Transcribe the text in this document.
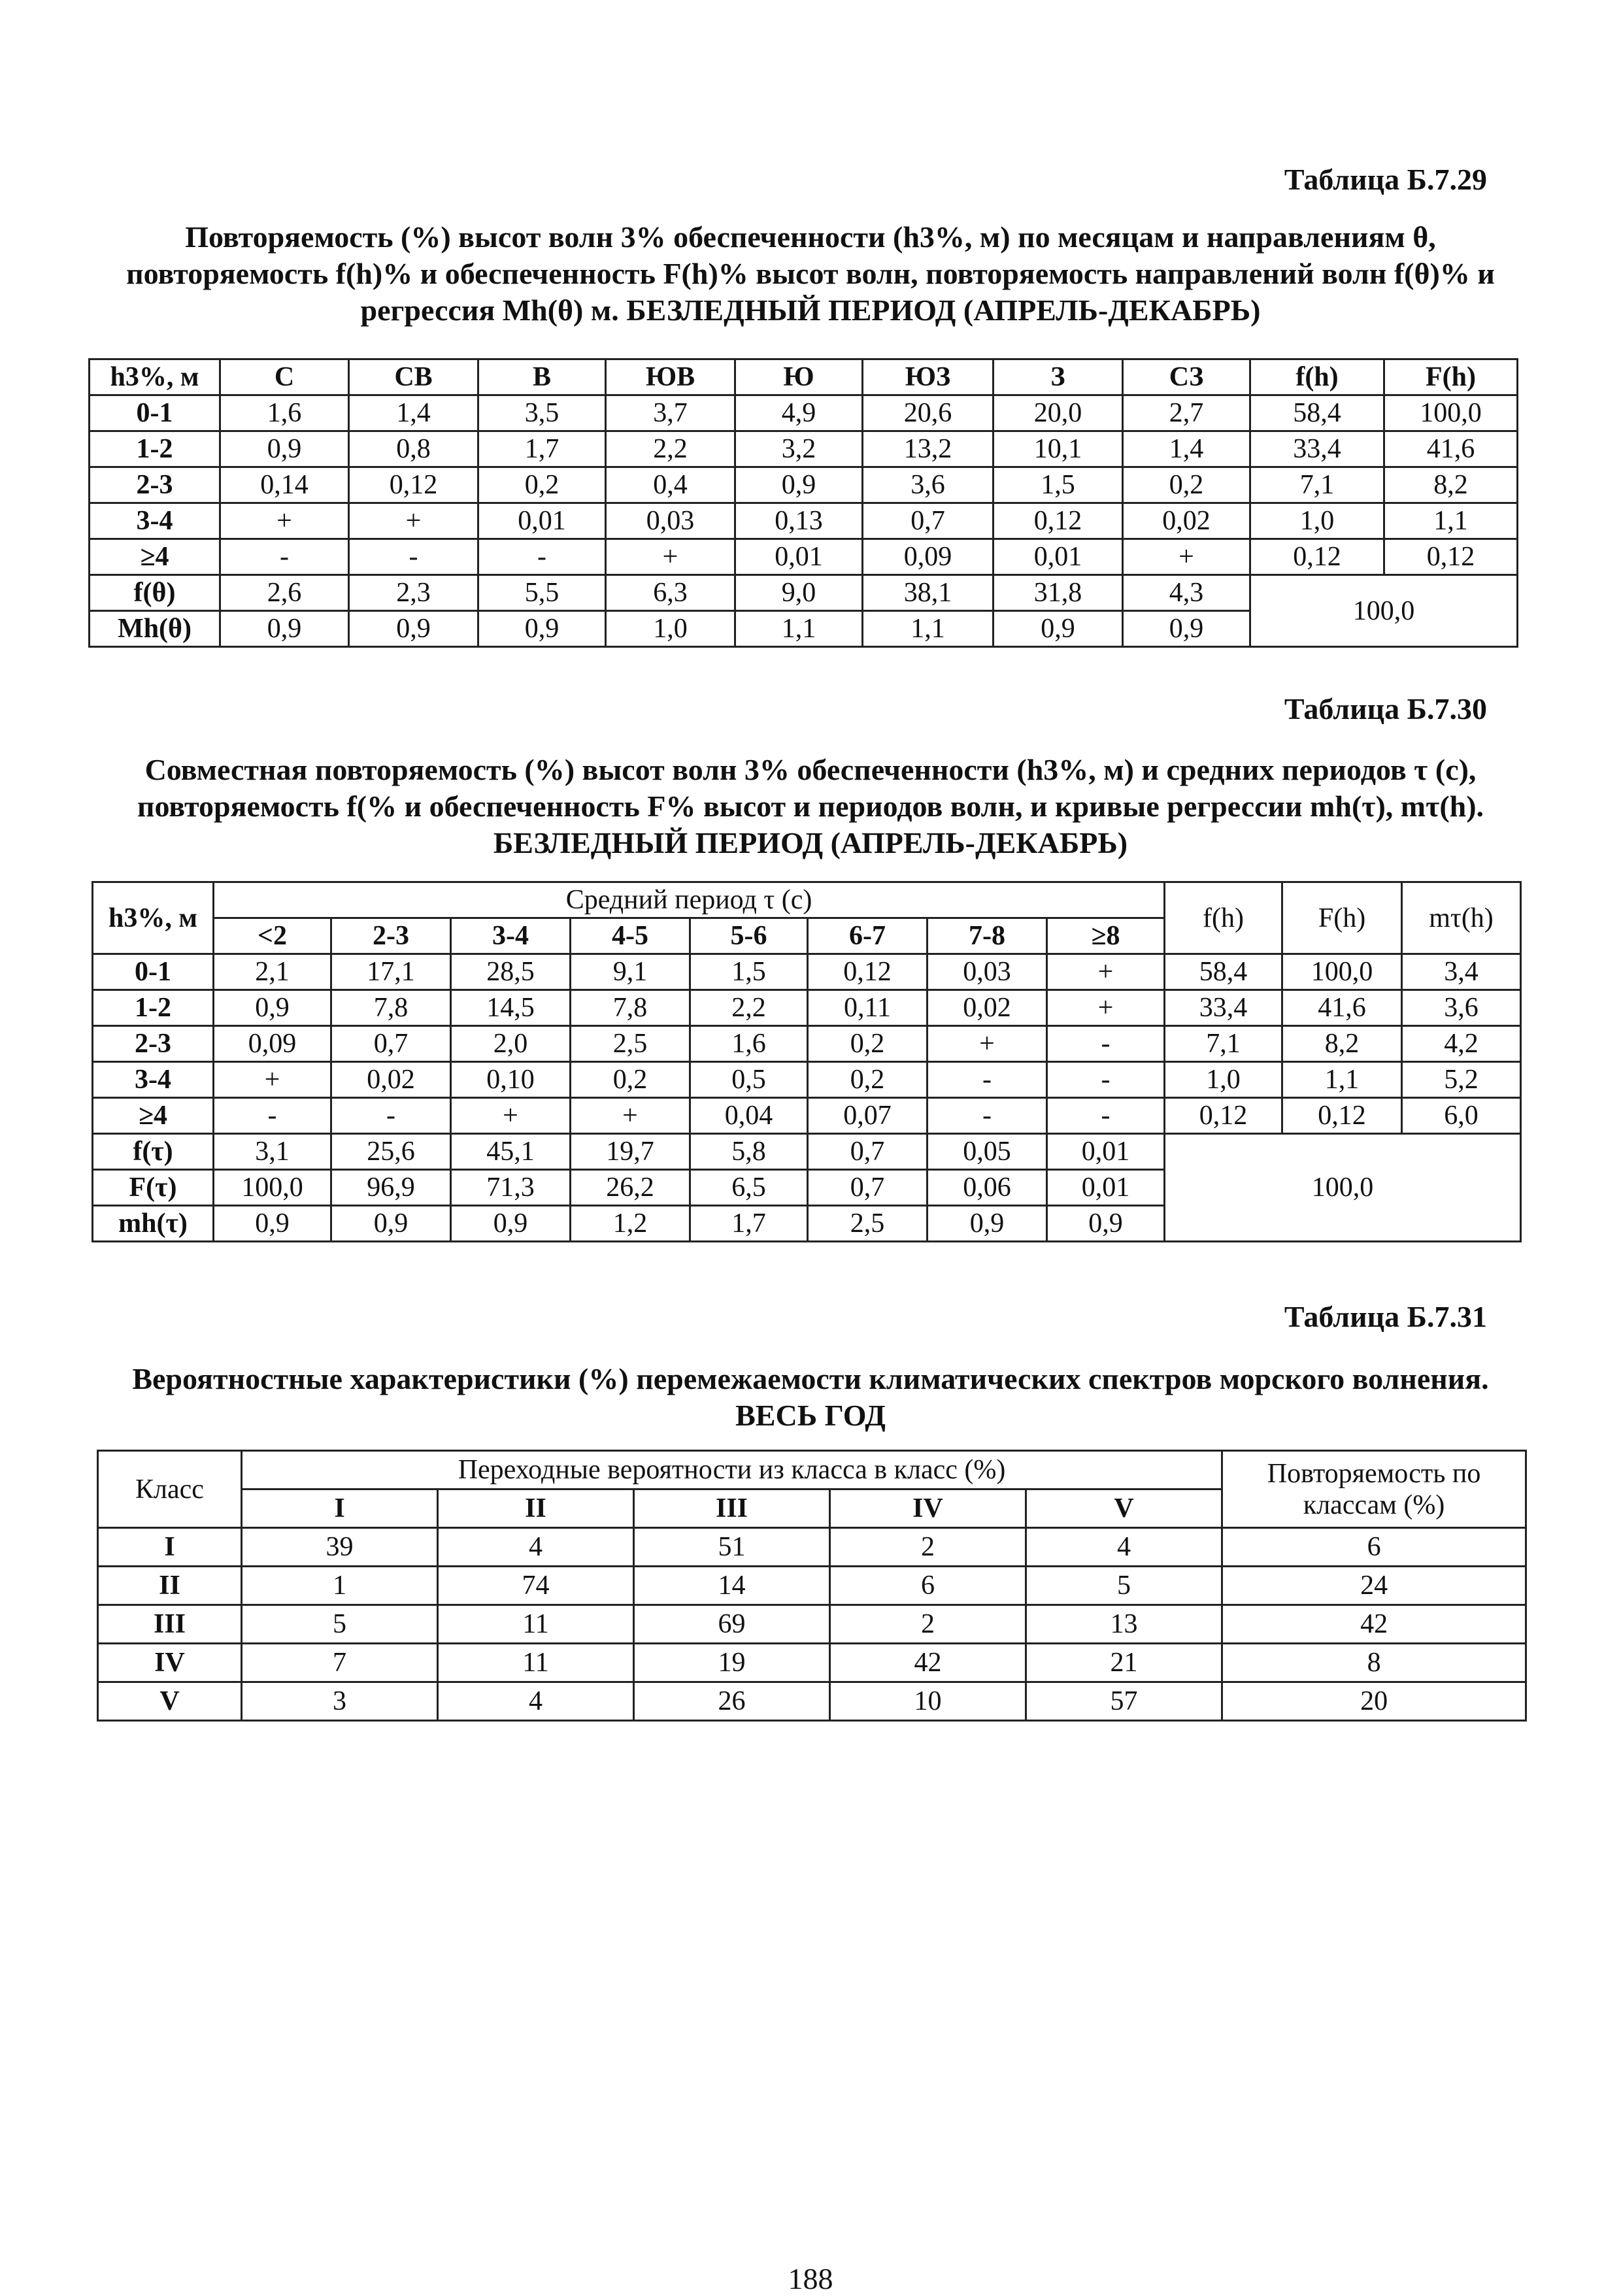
Таблица Б.7.29
Повторяемость (%) высот волн 3% обеспеченности (h3%, м) по месяцам и направлениям θ, повторяемость f(h)% и обеспеченность F(h)% высот волн, повторяемость направлений волн f(θ)% и регрессия Mh(θ) м. БЕЗЛЕДНЫЙ ПЕРИОД (АПРЕЛЬ-ДЕКАБРЬ)
h3%, м	С	СВ	В	ЮВ	Ю	ЮЗ	З	СЗ	f(h)	F(h)
0-1	1,6	1,4	3,5	3,7	4,9	20,6	20,0	2,7	58,4	100,0
1-2	0,9	0,8	1,7	2,2	3,2	13,2	10,1	1,4	33,4	41,6
2-3	0,14	0,12	0,2	0,4	0,9	3,6	1,5	0,2	7,1	8,2
3-4	+	+	0,01	0,03	0,13	0,7	0,12	0,02	1,0	1,1
≥4	-	-	-	+	0,01	0,09	0,01	+	0,12	0,12
f(θ)	2,6	2,3	5,5	6,3	9,0	38,1	31,8	4,3	100,0	
Mh(θ)	0,9	0,9	0,9	1,0	1,1	1,1	0,9	0,9		
Таблица Б.7.30
Совместная повторяемость (%) высот волн 3% обеспеченности (h3%, м) и средних периодов τ (с), повторяемость f(% и обеспеченность F% высот и периодов волн, и кривые регрессии mh(τ), mτ(h). БЕЗЛЕДНЫЙ ПЕРИОД (АПРЕЛЬ-ДЕКАБРЬ)
h3%, м	Средний период τ (с)								f(h)	F(h)	mτ(h)
	<2	2-3	3-4	4-5	5-6	6-7	7-8	≥8			
0-1	2,1	17,1	28,5	9,1	1,5	0,12	0,03	+	58,4	100,0	3,4
1-2	0,9	7,8	14,5	7,8	2,2	0,11	0,02	+	33,4	41,6	3,6
2-3	0,09	0,7	2,0	2,5	1,6	0,2	+	-	7,1	8,2	4,2
3-4	+	0,02	0,10	0,2	0,5	0,2	-	-	1,0	1,1	5,2
≥4	-	-	+	+	0,04	0,07	-	-	0,12	0,12	6,0
f(τ)	3,1	25,6	45,1	19,7	5,8	0,7	0,05	0,01	100,0		
F(τ)	100,0	96,9	71,3	26,2	6,5	0,7	0,06	0,01			
mh(τ)	0,9	0,9	0,9	1,2	1,7	2,5	0,9	0,9			
Таблица Б.7.31
Вероятностные характеристики (%) перемежаемости климатических спектров морского волнения. ВЕСЬ ГОД
Класс	Переходные вероятности из класса в класс (%)					Повторяемость по классам (%)
	I	II	III	IV	V	
I	39	4	51	2	4	6
II	1	74	14	6	5	24
III	5	11	69	2	13	42
IV	7	11	19	42	21	8
V	3	4	26	10	57	20
188
